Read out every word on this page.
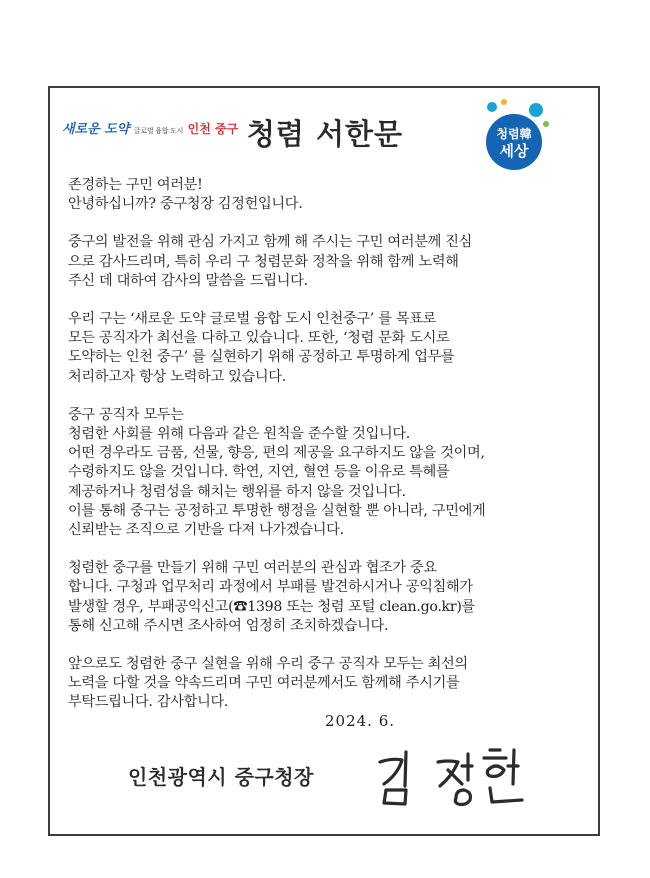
새로운 도약 글로벌 융합 도시 인천 중구 청렴 서한문	청렴韓
세상

존경하는 구민 여러분!
안녕하십니까? 중구청장 김정헌입니다.

중구의 발전을 위해 관심 가지고 함께 해 주시는 구민 여러분께 진심
으로 감사드리며, 특히 우리 구 청렴문화 정착을 위해 함께 노력해
주신 데 대하여 감사의 말씀을 드립니다.

우리 구는 ‘새로운 도약 글로벌 융합 도시 인천중구’ 를 목표로
모든 공직자가 최선을 다하고 있습니다. 또한, ‘청렴 문화 도시로
도약하는 인천 중구’ 를 실현하기 위해 공정하고 투명하게 업무를
처리하고자 항상 노력하고 있습니다.

중구 공직자 모두는
청렴한 사회를 위해 다음과 같은 원칙을 준수할 것입니다.
어떤 경우라도 금품, 선물, 향응, 편의 제공을 요구하지도 않을 것이며,
수령하지도 않을 것입니다. 학연, 지연, 혈연 등을 이유로 특혜를
제공하거나 청렴성을 해치는 행위를 하지 않을 것입니다.
이를 통해 중구는 공정하고 투명한 행정을 실현할 뿐 아니라, 구민에게
신뢰받는 조직으로 기반을 다져 나가겠습니다.

청렴한 중구를 만들기 위해 구민 여러분의 관심과 협조가 중요
합니다. 구청과 업무처리 과정에서 부패를 발견하시거나 공익침해가
발생할 경우, 부패공익신고(☎1398 또는 청렴 포털 clean.go.kr)를
통해 신고해 주시면 조사하여 엄정히 조치하겠습니다.

앞으로도 청렴한 중구 실현을 위해 우리 중구 공직자 모두는 최선의
노력을 다할 것을 약속드리며 구민 여러분께서도 함께해 주시기를
부탁드립니다. 감사합니다.

2024. 6.
인천광역시 중구청장
